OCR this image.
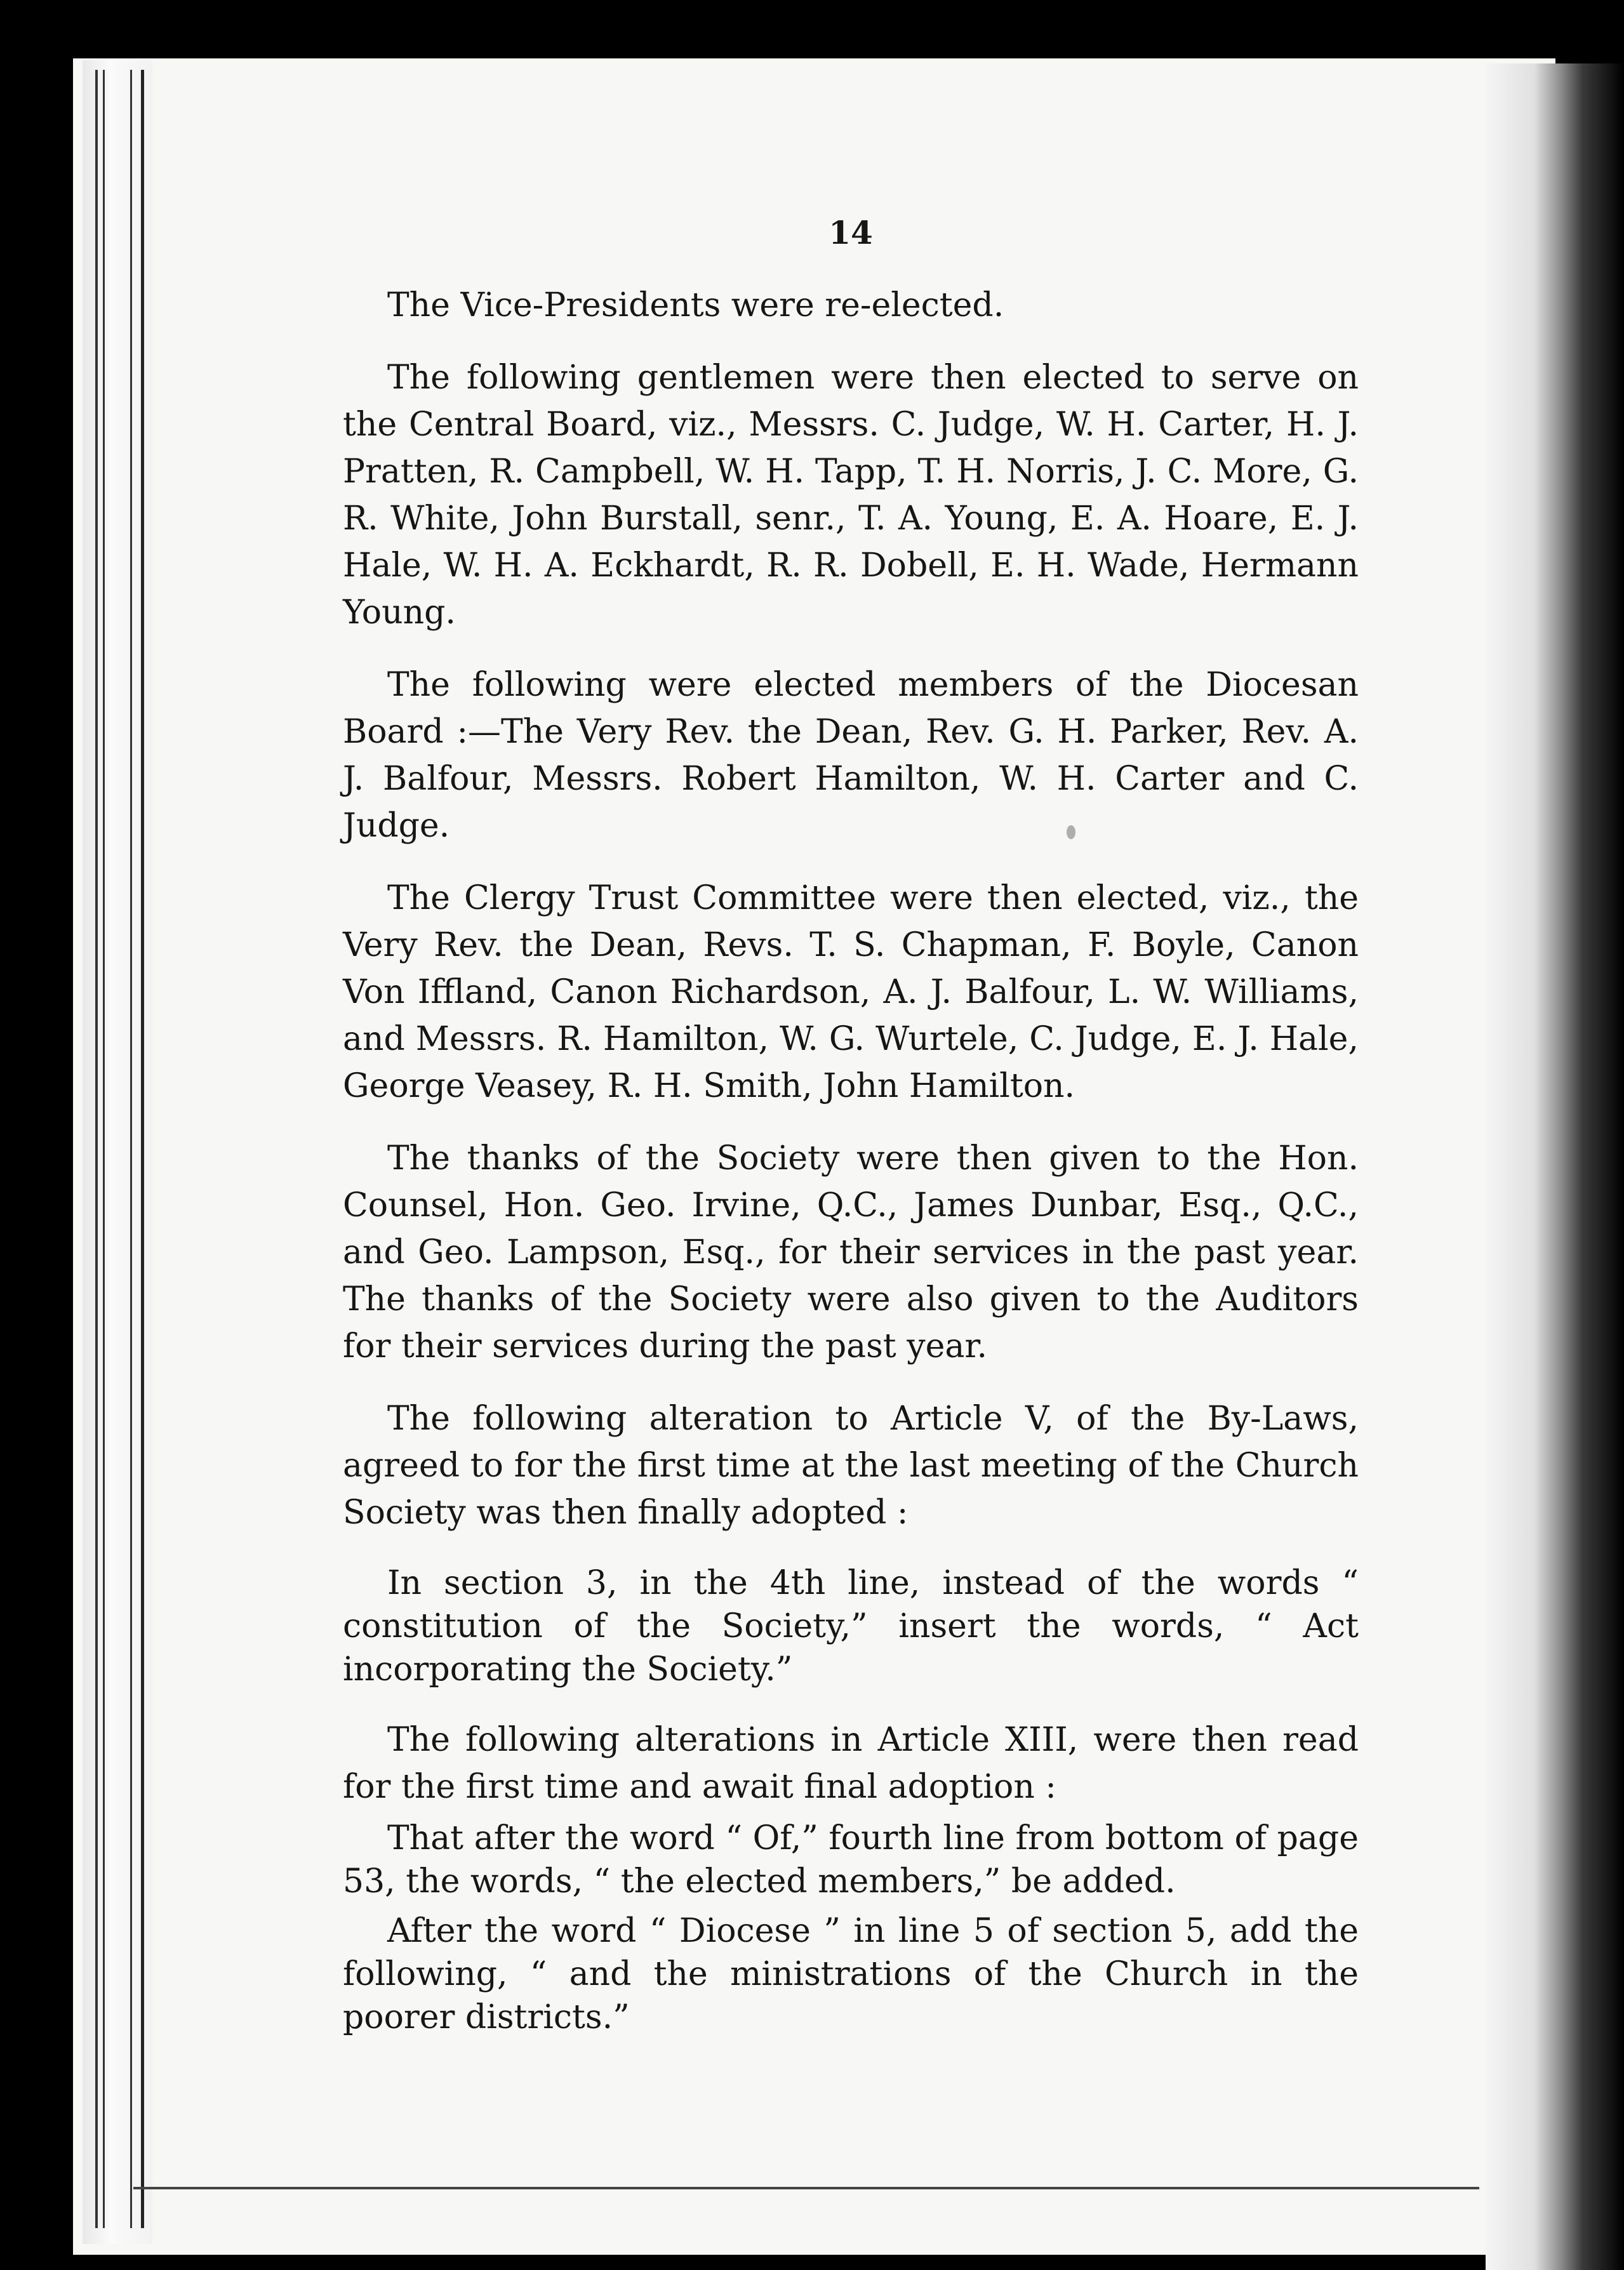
14

The Vice-Presidents were re-elected.

The following gentlemen were then elected to serve on the Central Board, viz., Messrs. C. Judge, W. H. Carter, H. J. Pratten, R. Campbell, W. H. Tapp, T. H. Norris, J. C. More, G. R. White, John Burstall, senr., T. A. Young, E. A. Hoare, E. J. Hale, W. H. A. Eckhardt, R. R. Dobell, E. H. Wade, Hermann Young.

The following were elected members of the Diocesan Board :—The Very Rev. the Dean, Rev. G. H. Parker, Rev. A. J. Balfour, Messrs. Robert Hamilton, W. H. Carter and C. Judge.

The Clergy Trust Committee were then elected, viz., the Very Rev. the Dean, Revs. T. S. Chapman, F. Boyle, Canon Von Iffland, Canon Richardson, A. J. Balfour, L. W. Williams, and Messrs. R. Hamilton, W. G. Wurtele, C. Judge, E. J. Hale, George Veasey, R. H. Smith, John Hamilton.

The thanks of the Society were then given to the Hon. Counsel, Hon. Geo. Irvine, Q.C., James Dunbar, Esq., Q.C., and Geo. Lampson, Esq., for their services in the past year. The thanks of the Society were also given to the Auditors for their services during the past year.

The following alteration to Article V, of the By-Laws, agreed to for the first time at the last meeting of the Church Society was then finally adopted :

In section 3, in the 4th line, instead of the words “ constitution of the Society,” insert the words, “ Act incorporating the Society.”

The following alterations in Article XIII, were then read for the first time and await final adoption :

That after the word “ Of,” fourth line from bottom of page 53, the words, “ the elected members,” be added.

After the word “ Diocese ” in line 5 of section 5, add the following, “ and the ministrations of the Church in the poorer districts.”
